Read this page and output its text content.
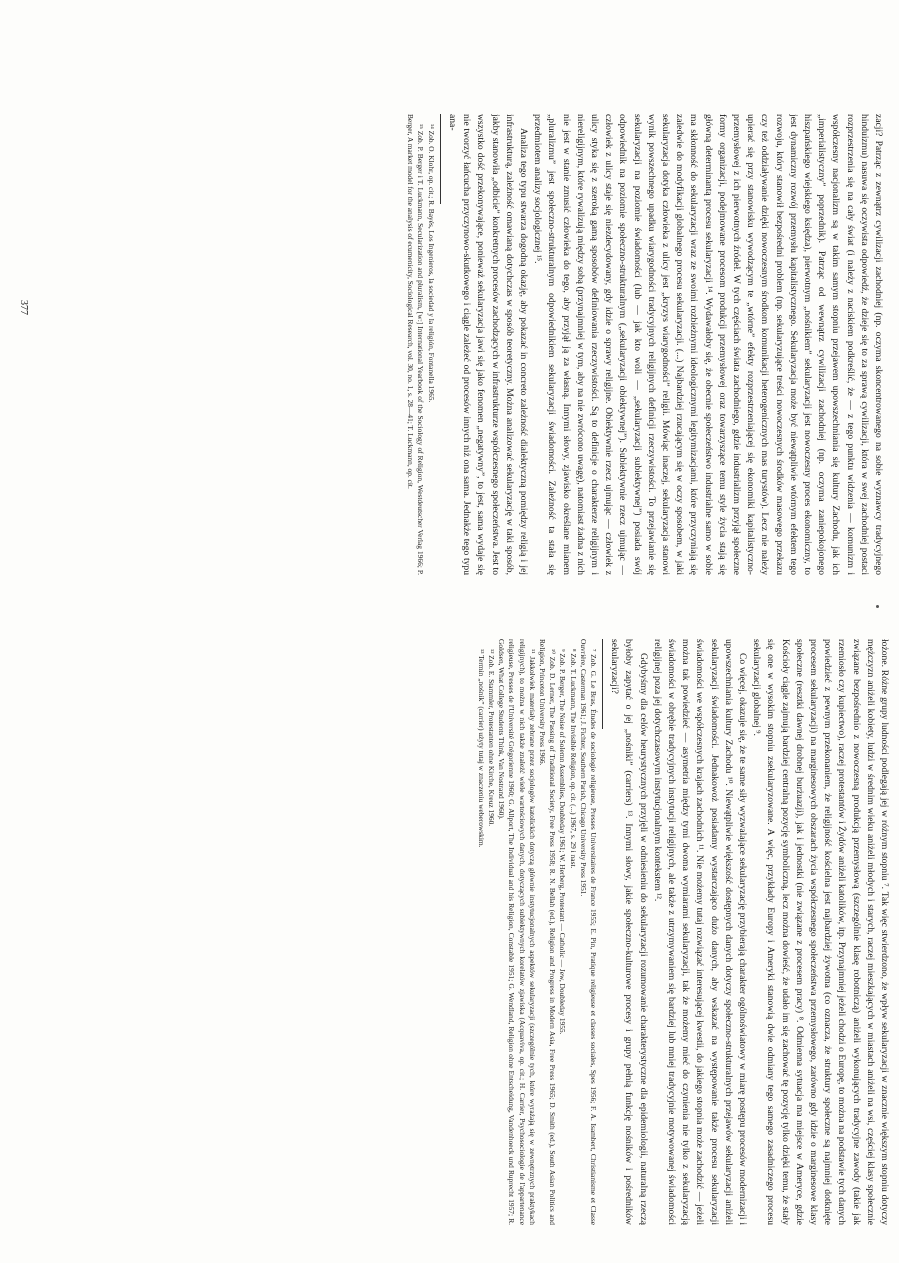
zacji? Patrząc z zewnątrz cywilizacji zachodniej (np. oczyma skoncentrowanego na sobie wyznawcy tradycyjnego hinduizmu) nasuwa się oczywista odpowiedź, że dzieje się to za sprawą cywilizacji, która w swej zachodniej postaci rozprzestrzenia się na cały świat (i należy z naciskiem podkreślić, że — z tego punktu widzenia — komunizm i współczesny nacjonalizm są w takim samym stopniu przejawem upowszechniania się kultury Zachodu, jak ich „imperialistyczny” poprzednik). Patrząc od wewnątrz cywilizacji zachodniej (np. oczyma zaniepokojonego hiszpańskiego wiejskiego księdza), pierwotnym „nośnikiem” sekularyzacji jest nowoczesny proces ekonomiczny, to jest dynamiczny rozwój przemysłu kapitalistycznego. Sekularyzacja może być niewątpliwie wtórnym efektem tego rozwoju, który stanowił bezpośredni problem (np. sekularyzujące treści nowoczesnych środków masowego przekazu czy też oddziaływanie dzięki nowoczesnym środkom komunikacji heterogenicznych mas turystów). Lecz nie należy upierać się przy stanowisku wywodzącym te „wtórne” efekty rozprzestrzeniającej się ekonomiki kapitalistyczno-przemysłowej z ich pierwotnych źródeł. W tych częściach świata zachodniego, gdzie industrializm przyjął społeczne formy organizacji, podejmowane procesom produkcji przemysłowej oraz towarzyszące temu style życia stają się główną determinantą procesu sekularyzacji ¹⁴. Wydawałoby się, że obecnie społeczeństwo industrialne samo w sobie ma skłonność do sekularyzacji wraz ze swoimi rozbieżnymi ideologicznymi legitymizacjami, które przyczyniają się zaledwie do modyfikacji globalnego procesu sekularyzacji. (...) Najbardziej rzucającym się w oczy sposobem, w jaki sekularyzacja dotyka człowieka z ulicy jest „kryzys wiarygodności” religii. Mówiąc inaczej, sekularyzacja stanowi wynik powszechnego upadku wiarygodności tradycyjnych religijnych definicji rzeczywistości. To przejawianie się sekularyzacji na poziomie świadomości (lub — jak kto woli — „sekularyzacji subiektywnej”) posiada swój odpowiednik na poziomie społeczno-strukturalnym („sekularyzacji obiektywnej”). Subiektywnie rzecz ujmując — człowiek z ulicy staje się niezdecydowany, gdy idzie o sprawy religijne. Obiektywnie rzecz ujmując — człowiek z ulicy styka się z szeroką gamą sposobów definiowania rzeczywistości. Są to definicje o charakterze religijnym i niereligijnym, które rywalizują między sobą (przynajmniej w tym, aby na nie zwrócono uwagę), natomiast żadna z nich nie jest w stanie zmusić człowieka do tego, aby przyjął ją za własną. Innymi słowy, zjawisko określane mianem „pluralizmu” jest społeczno-strukturalnym odpowiednikiem sekularyzacji świadomości. Zależność ta stała się przedmiotem analizy socjologicznej ¹⁵.

Analiza tego typu stwarza dogodną okazję, aby pokazać in concreto zależność dialektyczną pomiędzy religią i jej infrastrukturą, zależność omawianą dotychczas w sposób teoretyczny. Można analizować sekularyzację w taki sposób, jakby stanowiła „odbicie” konkretnych procesów zachodzących w infrastrukturze współczesnego społeczeństwa. Jest to wszystko dość przekonywające, ponieważ sekularyzacja jawi się jako fenomen „negatywny”, to jest, sama wydaje się nie tworzyć łańcucha przyczynowo-skutkowego i ciągle zależeć od procesów innych niż ona sama. Jednakże tego typu ana-

¹⁴ Zob. O. Klohr, op. cit.; R. Bayés, Los Ingenieros, la sociedad y la religión, Fontanella 1965.

¹⁵ Zob. P. Berger i T. Luckmann, Secularization and pluralism, [w:] International Yearbook of the Sociology of Religion, Westdeutscher Verlag 1966; P. Berger, A market model for the analysis of ecumenicity, Sociological Research, vol. 30, no. 1, s. 28—41; T. Luckmann, op. cit.

377

łożone. Różne grupy ludności podlegają jej w różnym stopniu ⁷. Tak więc stwierdzono, że wpływ sekularyzacji w znacznie większym stopniu dotyczy mężczyzn aniżeli kobiety, ludzi w średnim wieku aniżeli młodych i starych, raczej mieszkających w miastach aniżeli na wsi, częściej klasy społecznie związane bezpośrednio z nowoczesną produkcją przemysłową (szczególnie klasę robotniczą) aniżeli wykonujących tradycyjne zawody (takie jak rzemiosło czy kupiectwo), raczej protestantów i Żydów aniżeli katolików, itp. Przynajmniej jeżeli chodzi o Europę, to można na podstawie tych danych powiedzieć z pewnym przekonaniem, że religijność kościelna jest najbardziej żywotna (co oznacza, że struktury społeczne są najmniej dotknięte procesem sekularyzacji) na marginesowych obszarach życia współczesnego społeczeństwa przemysłowego, zarówno gdy idzie o marginesowe klasy społeczne (resztki dawnej drobnej burżuazji), jak i jednostki (nie związane z procesem pracy) ⁸. Odmienna sytuacja ma miejsce w Ameryce, gdzie Kościoły ciągle zajmują bardziej centralną pozycję symboliczną, lecz można dowieść, że udało im się zachować tę pozycję tylko dzięki temu, że stały się one w wysokim stopniu zsekularyzowane. A więc, przykłady Europy i Ameryki stanowią dwie odmiany tego samego zasadniczego procesu sekularyzacji globalnej ⁹.

Co więcej, okazuje się, że te same siły wyzwalające sekularyzację przybierają charakter ogólnoświatowy w miarę postępu procesów modernizacji i upowszechniania kultury Zachodu ¹⁰. Niewątpliwie większość dostępnych danych dotyczy społeczno-strukturalnych przejawów sekularyzacji aniżeli sekularyzacji świadomości. Jednakowoż posiadamy wystarczająco dużo danych, aby wskazać na występowanie także procesu sekularyzacji świadomości we współczesnych krajach zachodnich ¹¹. Nie możemy tutaj rozwiązać interesującej kwestii, do jakiego stopnia może zachodzić — jeżeli można tak powiedzieć — asymetria między tymi dwoma wymiarami sekularyzacji, tak że możemy mieć do czynienia nie tylko z sekularyzacją świadomości w obrębie tradycyjnych instytucji religijnych, ale także z utrzymywaniem się bardziej lub mniej tradycyjnie motywowanej świadomości religijnej poza jej dotychczasowym instytucjonalnym kontekstem ¹².

Gdybyśmy dla celów heurystycznych przyjęli w odniesieniu do sekularyzacji rozumowanie charakterystyczne dla epidemiologii, naturalną rzeczą byłoby zapytać o jej „nośniki” (carriers) ¹³. Innymi słowy, jakie społeczno-kulturowe procesy i grupy pełnią funkcję nośników i pośredników sekularyzacji?

⁷ Zob. G. Le Bras, Études de sociologie religieuse, Presses Universitaires de France 1955; E. Pin, Pratique religieuse et classes sociales, Spes 1956; F. A. Isambert, Christianisme et Classe Ouvrière, Casterman 1961; J. Fichter, Southern Parish, Chicago University Press 1951.

⁸ Zob. T. Luckmann, The Invisible Religion, op. cit. (...) 1967, s. 29 i nast.

⁹ Zob. P. Berger, The Noise of Solemn Assemblies, Doubleday 1961; W. Herberg, Protestant — Catholic — Jew, Doubleday 1955.

¹⁰ Zob. D. Lerner, The Passing of Traditional Society, Free Press 1958; R. N. Bellah (ed.), Religion and Progress in Modern Asia, Free Press 1965; D. Smith (ed.), South Asian Politics and Religion, Princeton University Press 1966.

¹¹ Jakkolwiek materiały zebrane przez socjologów katolickich dotyczą głównie instytucjonalnych aspektów sekularyzacji (szczególnie tych, które wyrażają się w zewnętrznych praktykach religijnych), to można w nich także znaleźć wiele wartościowych danych, dotyczących subiektywnych korelatów zjawiska (Acquaviva, op. cit.; H. Carrier, Psychosociologie de l'appartenance religieuse, Presses de l'Université Grégorienne 1960; G. Allport, The Individual and his Religion, Constable 1951; G. Wendland, Religion ohne Entscheidung, Vandenhoeck und Ruprecht 1957; R. Goldsen, What College Students Think, Van Nostrand 1960).

¹² Zob. E. Stammler, Protestanten ohne Kirche, Kreuz 1960.

¹³ Termin „nośnik” (carrier) użyty tutaj w znaczeniu weberowskim.
